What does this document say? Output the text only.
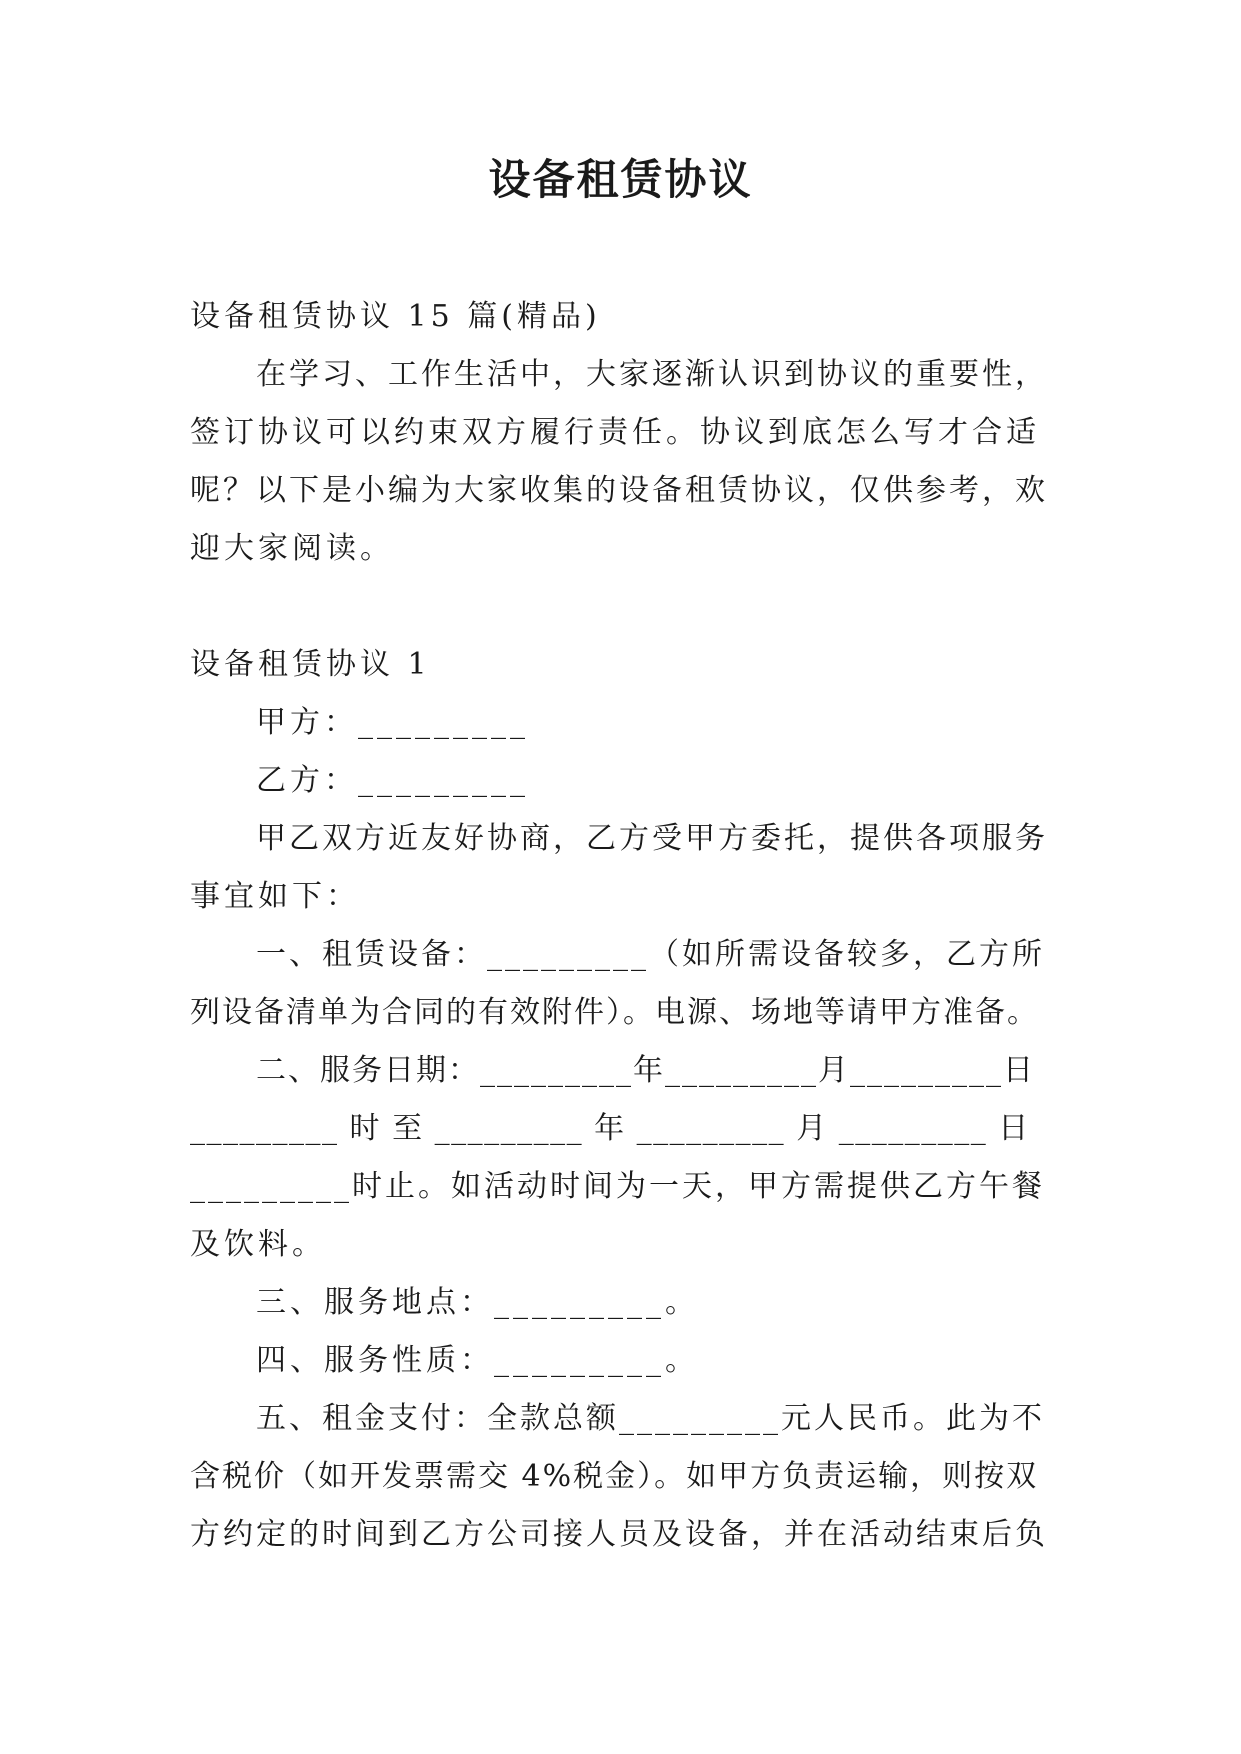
设备租赁协议
设备租赁协议 15 篇(精品)
在学习、工作生活中，大家逐渐认识到协议的重要性，
签订协议可以约束双方履行责任。协议到底怎么写才合适
呢？以下是小编为大家收集的设备租赁协议，仅供参考，欢
迎大家阅读。
设备租赁协议 1
甲方：_________
乙方：_________
甲乙双方近友好协商，乙方受甲方委托，提供各项服务
事宜如下：
一、租赁设备：_________（如所需设备较多，乙方所
列设备清单为合同的有效附件）。电源、场地等请甲方准备。
二、服务日期：_________年_________月_________日
_________ 时 至 _________ 年 _________ 月 _________ 日
_________时止。如活动时间为一天，甲方需提供乙方午餐
及饮料。
三、服务地点：_________。
四、服务性质：_________。
五、租金支付：全款总额_________元人民币。此为不
含税价（如开发票需交 4%税金）。如甲方负责运输，则按双
方约定的时间到乙方公司接人员及设备，并在活动结束后负
